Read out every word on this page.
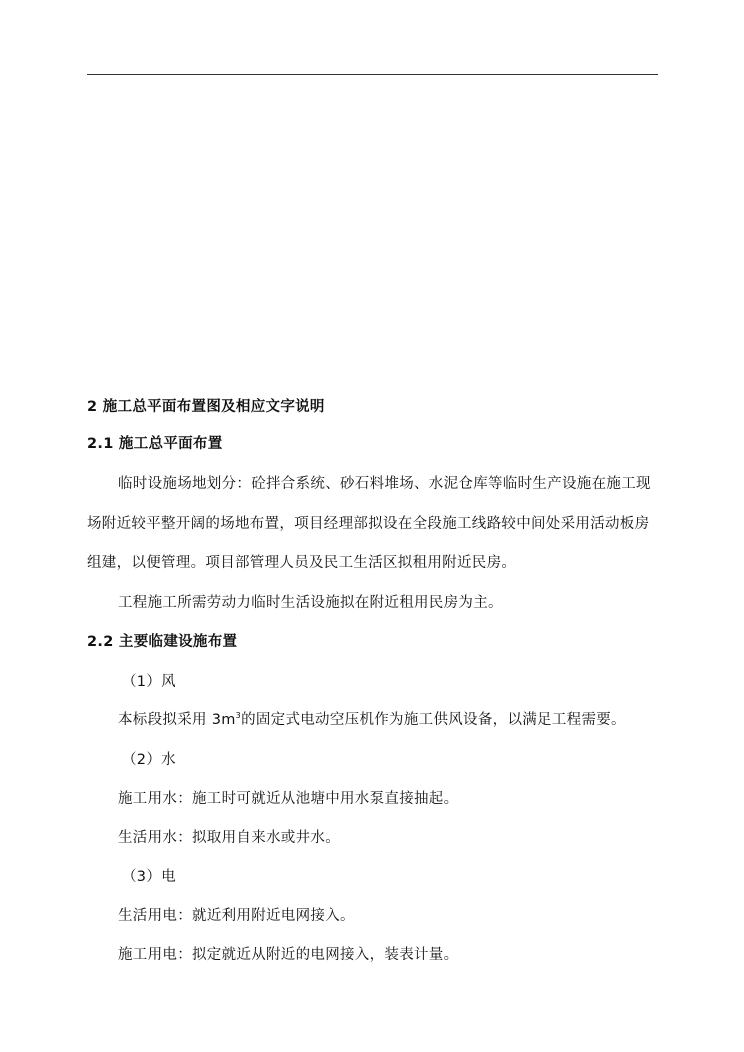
2 施工总平面布置图及相应文字说明
2.1 施工总平面布置
临时设施场地划分：砼拌合系统、砂石料堆场、水泥仓库等临时生产设施在施工现
场附近较平整开阔的场地布置，项目经理部拟设在全段施工线路较中间处采用活动板房
组建，以便管理。项目部管理人员及民工生活区拟租用附近民房。
工程施工所需劳动力临时生活设施拟在附近租用民房为主。
2.2 主要临建设施布置
（1）风
本标段拟采用 $3m^3$的固定式电动空压机作为施工供风设备，以满足工程需要。
（2）水
施工用水：施工时可就近从池塘中用水泵直接抽起。
生活用水：拟取用自来水或井水。
（3）电
生活用电：就近利用附近电网接入。
施工用电：拟定就近从附近的电网接入，装表计量。
